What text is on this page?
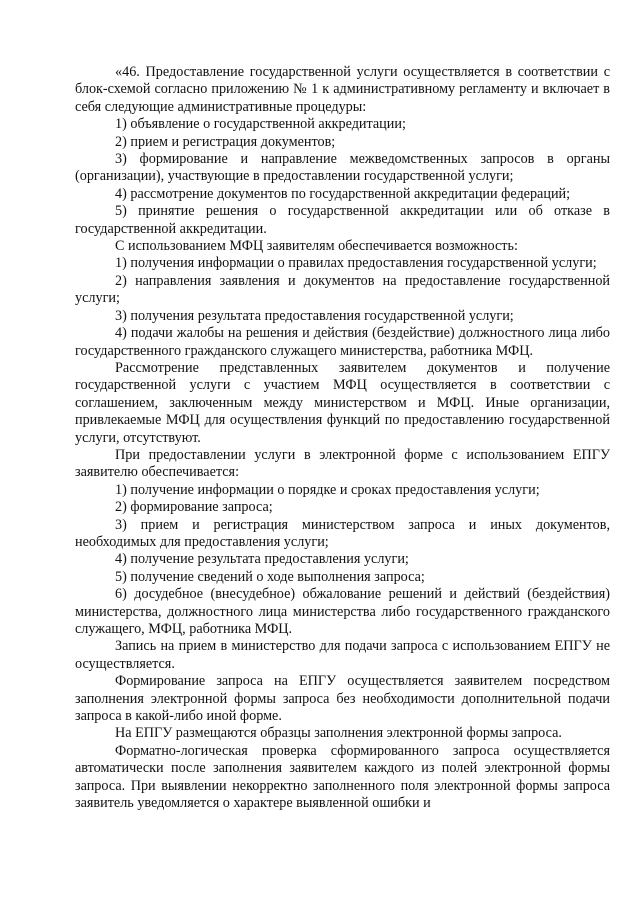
«46. Предоставление государственной услуги осуществляется в соответствии с блок-схемой согласно приложению № 1 к административному регламенту и включает в себя следующие административные процедуры:

1) объявление о государственной аккредитации;

2) прием и регистрация документов;

3) формирование и направление межведомственных запросов в органы (организации), участвующие в предоставлении государственной услуги;

4) рассмотрение документов по государственной аккредитации федераций;

5) принятие решения о государственной аккредитации или об отказе в государственной аккредитации.

С использованием МФЦ заявителям обеспечивается возможность:

1) получения информации о правилах предоставления государственной услуги;

2) направления заявления и документов на предоставление государственной услуги;

3) получения результата предоставления государственной услуги;

4) подачи жалобы на решения и действия (бездействие) должностного лица либо государственного гражданского служащего министерства, работника МФЦ.

Рассмотрение представленных заявителем документов и получение государственной услуги с участием МФЦ осуществляется в соответствии с соглашением, заключенным между министерством и МФЦ. Иные организации, привлекаемые МФЦ для осуществления функций по предоставлению государственной услуги, отсутствуют.

При предоставлении услуги в электронной форме с использованием ЕПГУ заявителю обеспечивается:

1) получение информации о порядке и сроках предоставления услуги;

2) формирование запроса;

3) прием и регистрация министерством запроса и иных документов, необходимых для предоставления услуги;

4) получение результата предоставления услуги;

5) получение сведений о ходе выполнения запроса;

6) досудебное (внесудебное) обжалование решений и действий (бездействия) министерства, должностного лица министерства либо государственного гражданского служащего, МФЦ, работника МФЦ.

Запись на прием в министерство для подачи запроса с использованием ЕПГУ не осуществляется.

Формирование запроса на ЕПГУ осуществляется заявителем посредством заполнения электронной формы запроса без необходимости дополнительной подачи запроса в какой-либо иной форме.

На ЕПГУ размещаются образцы заполнения электронной формы запроса.

Форматно-логическая проверка сформированного запроса осуществляется автоматически после заполнения заявителем каждого из полей электронной формы запроса. При выявлении некорректно заполненного поля электронной формы запроса заявитель уведомляется о характере выявленной ошибки и
